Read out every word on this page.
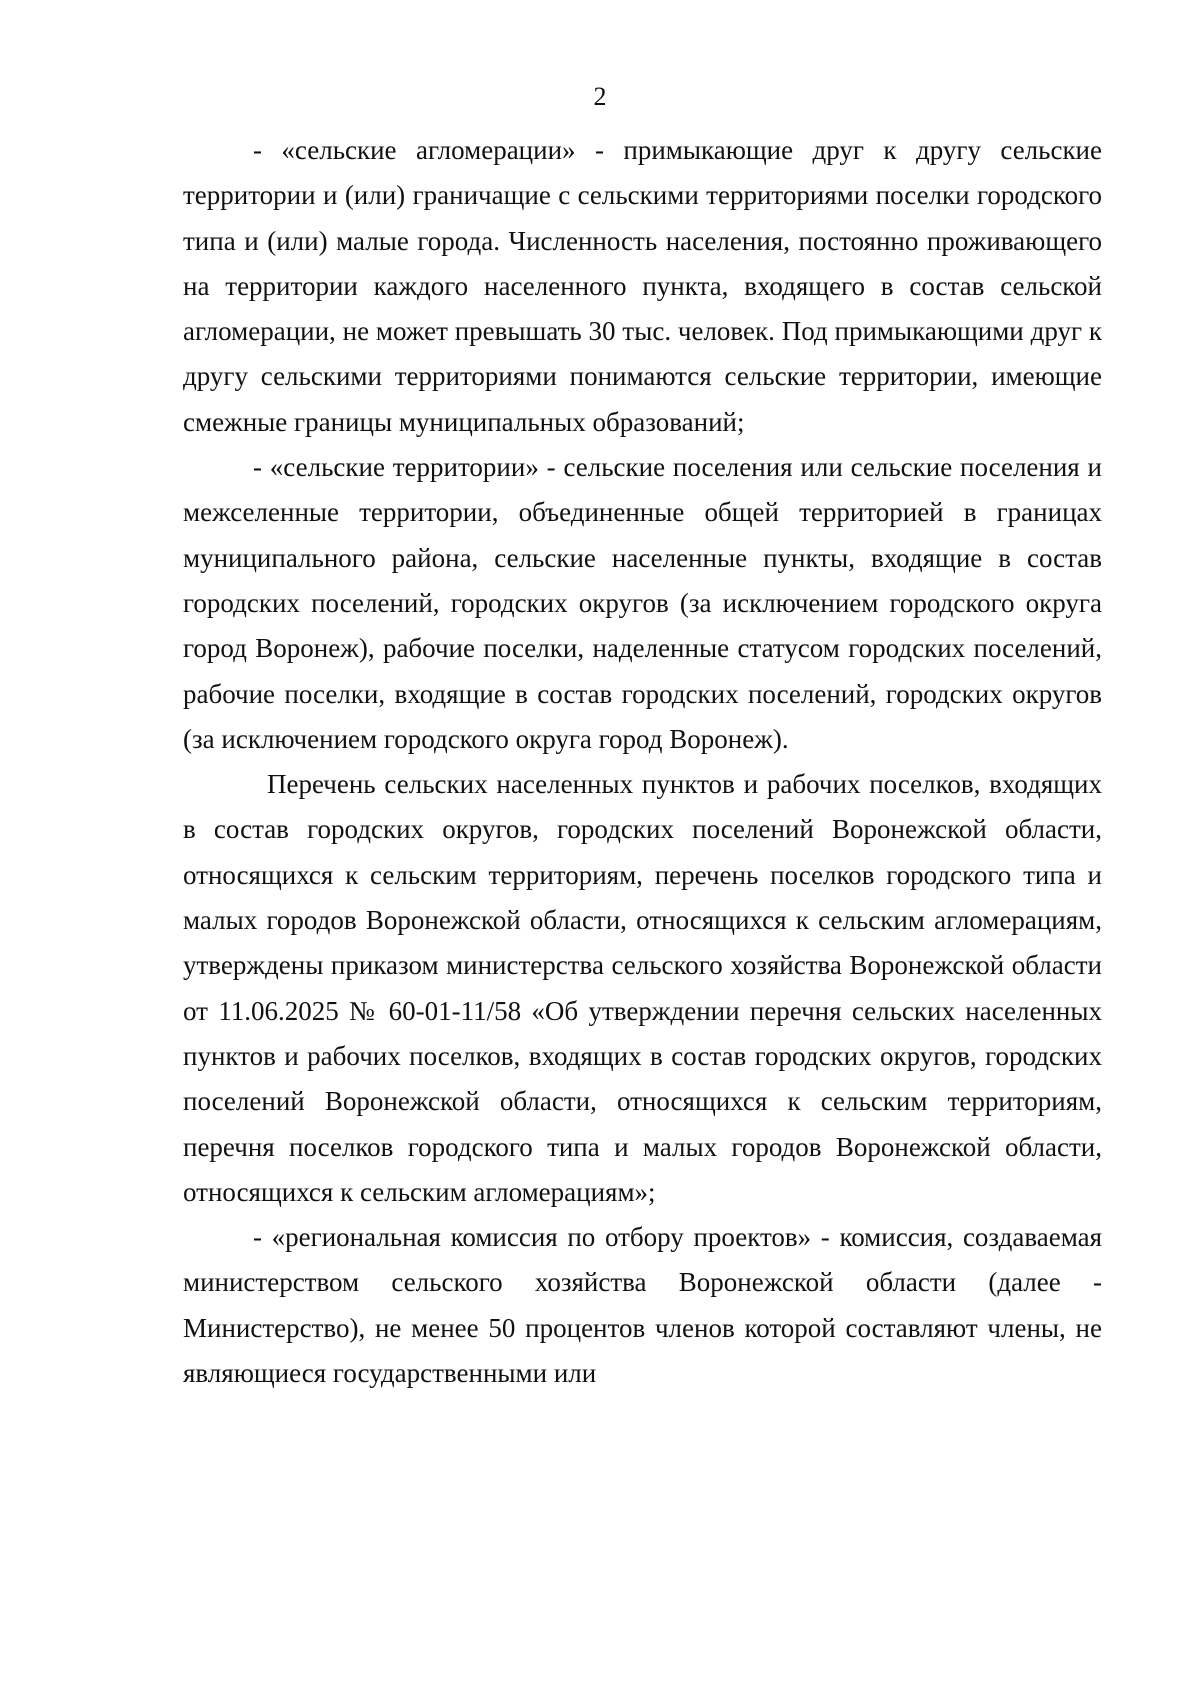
2

- «сельские агломерации» - примыкающие друг к другу сельские территории и (или) граничащие с сельскими территориями поселки городского типа и (или) малые города. Численность населения, постоянно проживающего на территории каждого населенного пункта, входящего в состав сельской агломерации, не может превышать 30 тыс. человек. Под примыкающими друг к другу сельскими территориями понимаются сельские территории, имеющие смежные границы муниципальных образований;

- «сельские территории» - сельские поселения или сельские поселения и межселенные территории, объединенные общей территорией в границах муниципального района, сельские населенные пункты, входящие в состав городских поселений, городских округов (за исключением городского округа город Воронеж), рабочие поселки, наделенные статусом городских поселений, рабочие поселки, входящие в состав городских поселений, городских округов (за исключением городского округа город Воронеж).

Перечень сельских населенных пунктов и рабочих поселков, входящих в состав городских округов, городских поселений Воронежской области, относящихся к сельским территориям, перечень поселков городского типа и малых городов Воронежской области, относящихся к сельским агломерациям, утверждены приказом министерства сельского хозяйства Воронежской области от 11.06.2025 № 60-01-11/58 «Об утверждении перечня сельских населенных пунктов и рабочих поселков, входящих в состав городских округов, городских поселений Воронежской области, относящихся к сельским территориям, перечня поселков городского типа и малых городов Воронежской области, относящихся к сельским агломерациям»;

- «региональная комиссия по отбору проектов» - комиссия, создаваемая министерством сельского хозяйства Воронежской области (далее - Министерство), не менее 50 процентов членов которой составляют члены, не являющиеся государственными или
